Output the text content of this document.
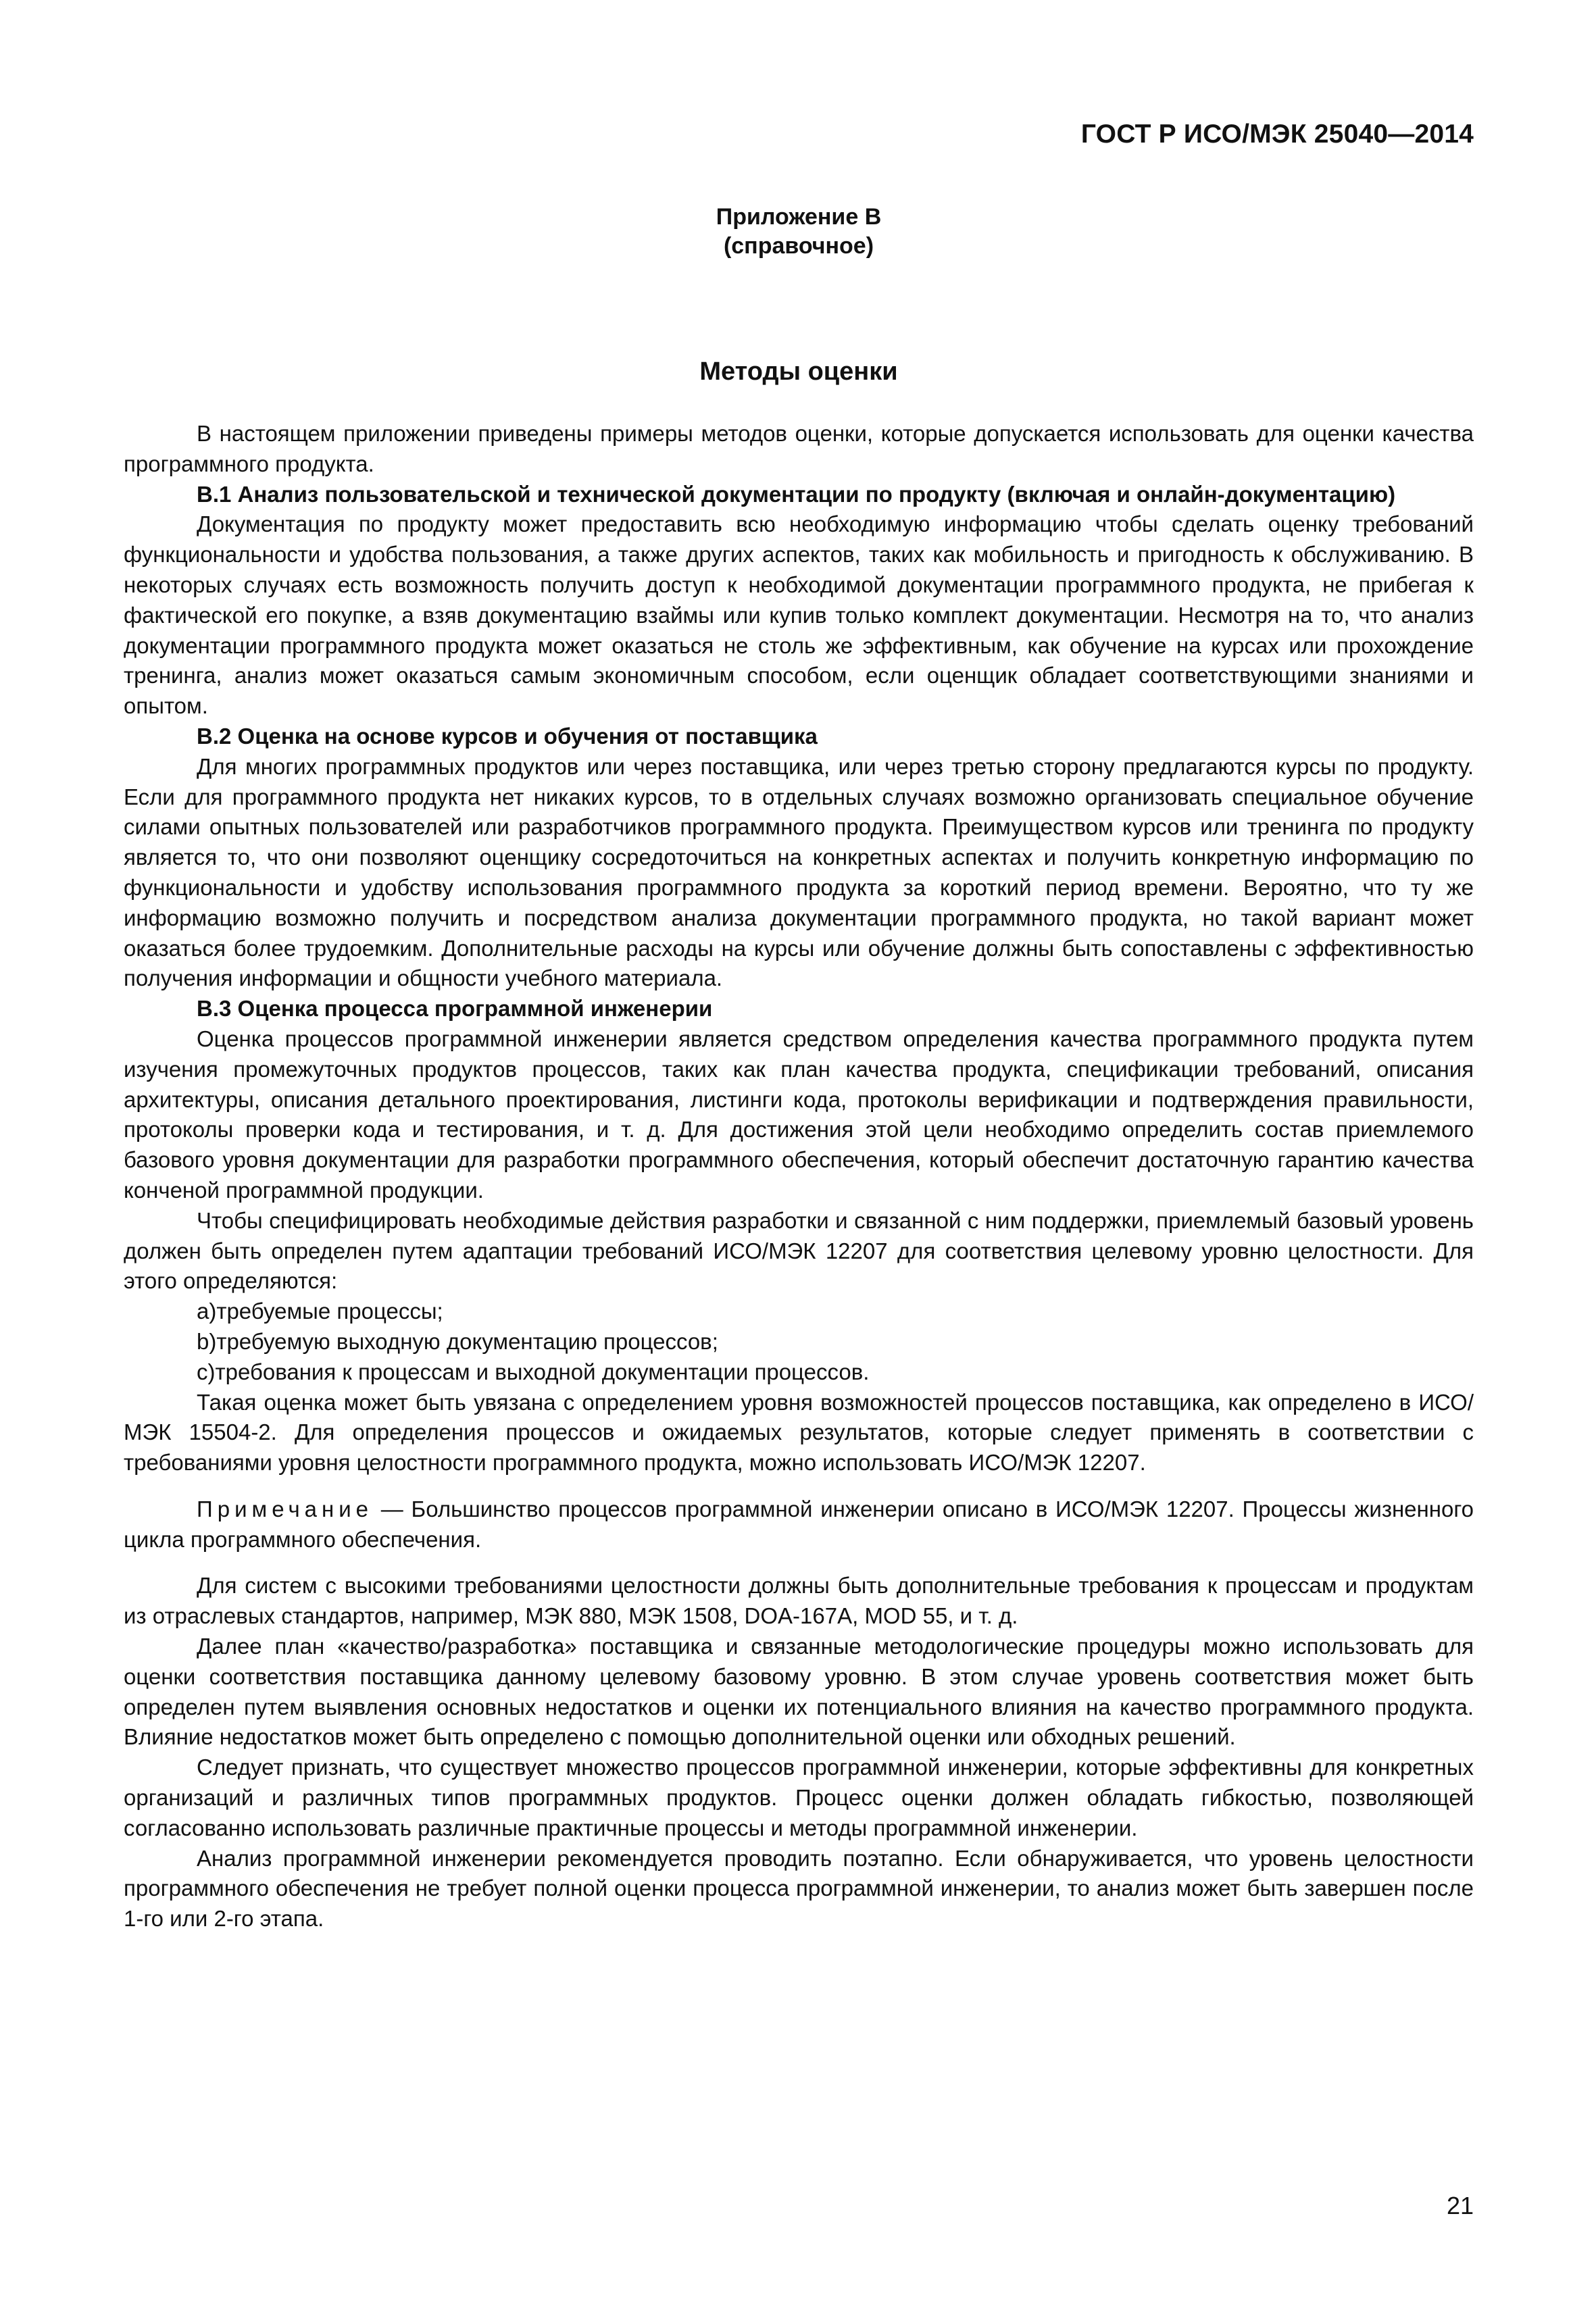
ГОСТ Р ИСО/МЭК 25040—2014
Приложение В
(справочное)
Методы оценки

В настоящем приложении приведены примеры методов оценки, которые допускается использовать для оценки качества программного продукта.

В.1 Анализ пользовательской и технической документации по продукту (включая и онлайн-документацию)

Документация по продукту может предоставить всю необходимую информацию чтобы сделать оценку требований функциональности и удобства пользования, а также других аспектов, таких как мобильность и пригодность к обслуживанию. В некоторых случаях есть возможность получить доступ к необходимой документации программного продукта, не прибегая к фактической его покупке, а взяв документацию взаймы или купив только комплект документации. Несмотря на то, что анализ документации программного продукта может оказаться не столь же эффективным, как обучение на курсах или прохождение тренинга, анализ может оказаться самым экономичным способом, если оценщик обладает соответствующими знаниями и опытом.

В.2 Оценка на основе курсов и обучения от поставщика

Для многих программных продуктов или через поставщика, или через третью сторону предлагаются курсы по продукту. Если для программного продукта нет никаких курсов, то в отдельных случаях возможно организовать специальное обучение силами опытных пользователей или разработчиков программного продукта. Преимуществом курсов или тренинга по продукту является то, что они позволяют оценщику сосредоточиться на конкретных аспектах и получить конкретную информацию по функциональности и удобству использования программного продукта за короткий период времени. Вероятно, что ту же информацию возможно получить и посредством анализа документации программного продукта, но такой вариант может оказаться более трудоемким. Дополнительные расходы на курсы или обучение должны быть сопоставлены с эффективностью получения информации и общности учебного материала.

В.3 Оценка процесса программной инженерии

Оценка процессов программной инженерии является средством определения качества программного продукта путем изучения промежуточных продуктов процессов, таких как план качества продукта, спецификации требований, описания архитектуры, описания детального проектирования, листинги кода, протоколы верификации и подтверждения правильности, протоколы проверки кода и тестирования, и т. д. Для достижения этой цели необходимо определить состав приемлемого базового уровня документации для разработки программного обеспечения, который обеспечит достаточную гарантию качества конченой программной продукции.

Чтобы специфицировать необходимые действия разработки и связанной с ним поддержки, приемлемый базовый уровень должен быть определен путем адаптации требований ИСО/МЭК 12207 для соответствия целевому уровню целостности. Для этого определяются:

а)требуемые процессы;

b)требуемую выходную документацию процессов;

с)требования к процессам и выходной документации процессов.

Такая оценка может быть увязана с определением уровня возможностей процессов поставщика, как определено в ИСО/МЭК 15504-2. Для определения процессов и ожидаемых результатов, которые следует применять в соответствии с требованиями уровня целостности программного продукта, можно использовать ИСО/МЭК 12207.

Примечание — Большинство процессов программной инженерии описано в ИСО/МЭК 12207. Процессы жизненного цикла программного обеспечения.

Для систем с высокими требованиями целостности должны быть дополнительные требования к процессам и продуктам из отраслевых стандартов, например, МЭК 880, МЭК 1508, DOA-167A, MOD 55, и т. д.

Далее план «качество/разработка» поставщика и связанные методологические процедуры можно использовать для оценки соответствия поставщика данному целевому базовому уровню. В этом случае уровень соответствия может быть определен путем выявления основных недостатков и оценки их потенциального влияния на качество программного продукта. Влияние недостатков может быть определено с помощью дополнительной оценки или обходных решений.

Следует признать, что существует множество процессов программной инженерии, которые эффективны для конкретных организаций и различных типов программных продуктов. Процесс оценки должен обладать гибкостью, позволяющей согласованно использовать различные практичные процессы и методы программной инженерии.

Анализ программной инженерии рекомендуется проводить поэтапно. Если обнаруживается, что уровень целостности программного обеспечения не требует полной оценки процесса программной инженерии, то анализ может быть завершен после 1-го или 2-го этапа.

21
